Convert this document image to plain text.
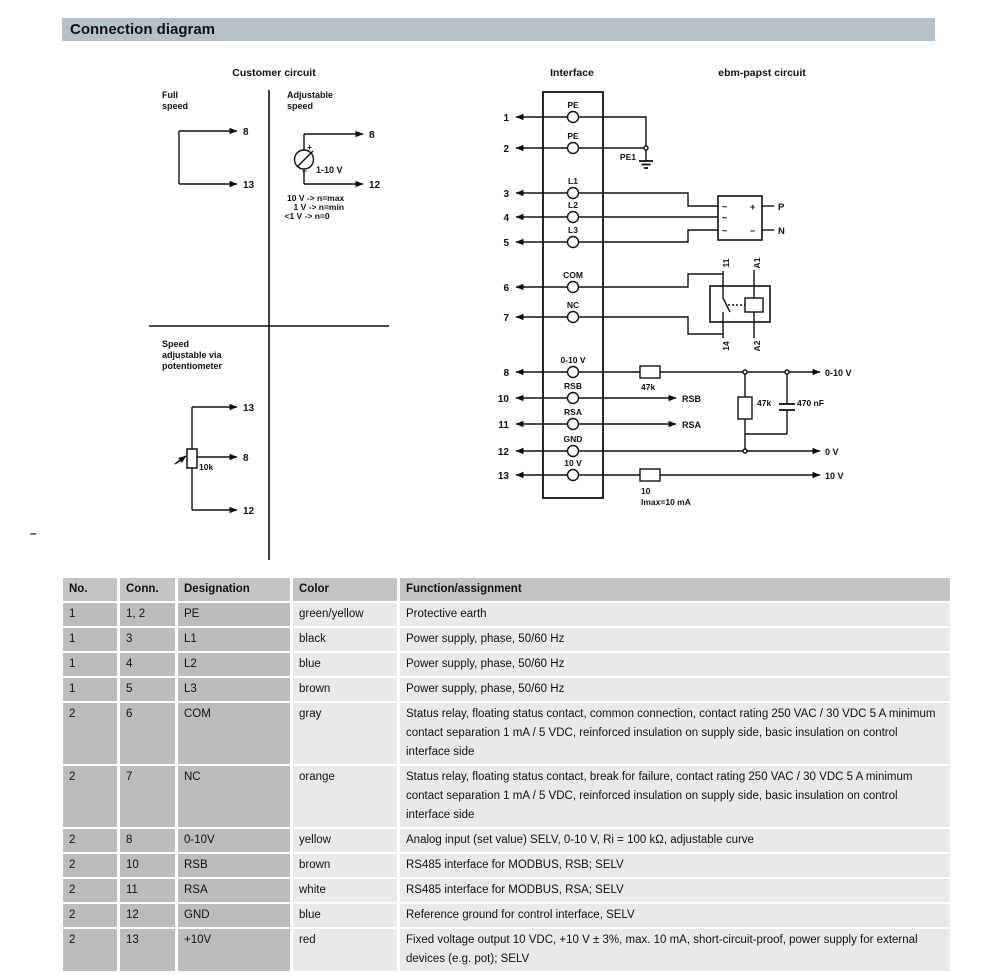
Connection diagram
–
Customer circuit
Full
speed
8
13
Adjustable
speed
8
+
− 1-10 V
12
10 V -> n=max
1 V -> n=min
<1 V -> n=0
Speed
adjustable via
potentiometer
13
8
10k
12
Interface
1
PE
2
PE
3
L1
4
L2
5
L3
6
COM
7
NC
8
0-10 V
10
RSB
11
RSA
12
GND
13
10 V
PE1
ebm-papst circuit
~
~
~
+
−
P
N
11 A1
14 A2
47k
0-10 V
47k	470 nF
RSB
RSA
0 V
10
Imax=10 mA
10 V
No.	Conn.	Designation	Color	Function/assignment
1	1, 2	PE	green/yellow	Protective earth
1	3	L1	black	Power supply, phase, 50/60 Hz
1	4	L2	blue	Power supply, phase, 50/60 Hz
1	5	L3	brown	Power supply, phase, 50/60 Hz
2	6	COM	gray	Status relay, floating status contact, common connection, contact rating 250 VAC / 30 VDC 5 A minimum contact separation 1 mA / 5 VDC, reinforced insulation on supply side, basic insulation on control interface side
2	7	NC	orange	Status relay, floating status contact, break for failure, contact rating 250 VAC / 30 VDC 5 A minimum contact separation 1 mA / 5 VDC, reinforced insulation on supply side, basic insulation on control interface side
2	8	0-10V	yellow	Analog input (set value) SELV, 0-10 V, Ri = 100 kΩ, adjustable curve
2	10	RSB	brown	RS485 interface for MODBUS, RSB; SELV
2	11	RSA	white	RS485 interface for MODBUS, RSA; SELV
2	12	GND	blue	Reference ground for control interface, SELV
2	13	+10V	red	Fixed voltage output 10 VDC, +10 V ± 3%, max. 10 mA, short-circuit-proof, power supply for external devices (e.g. pot); SELV
